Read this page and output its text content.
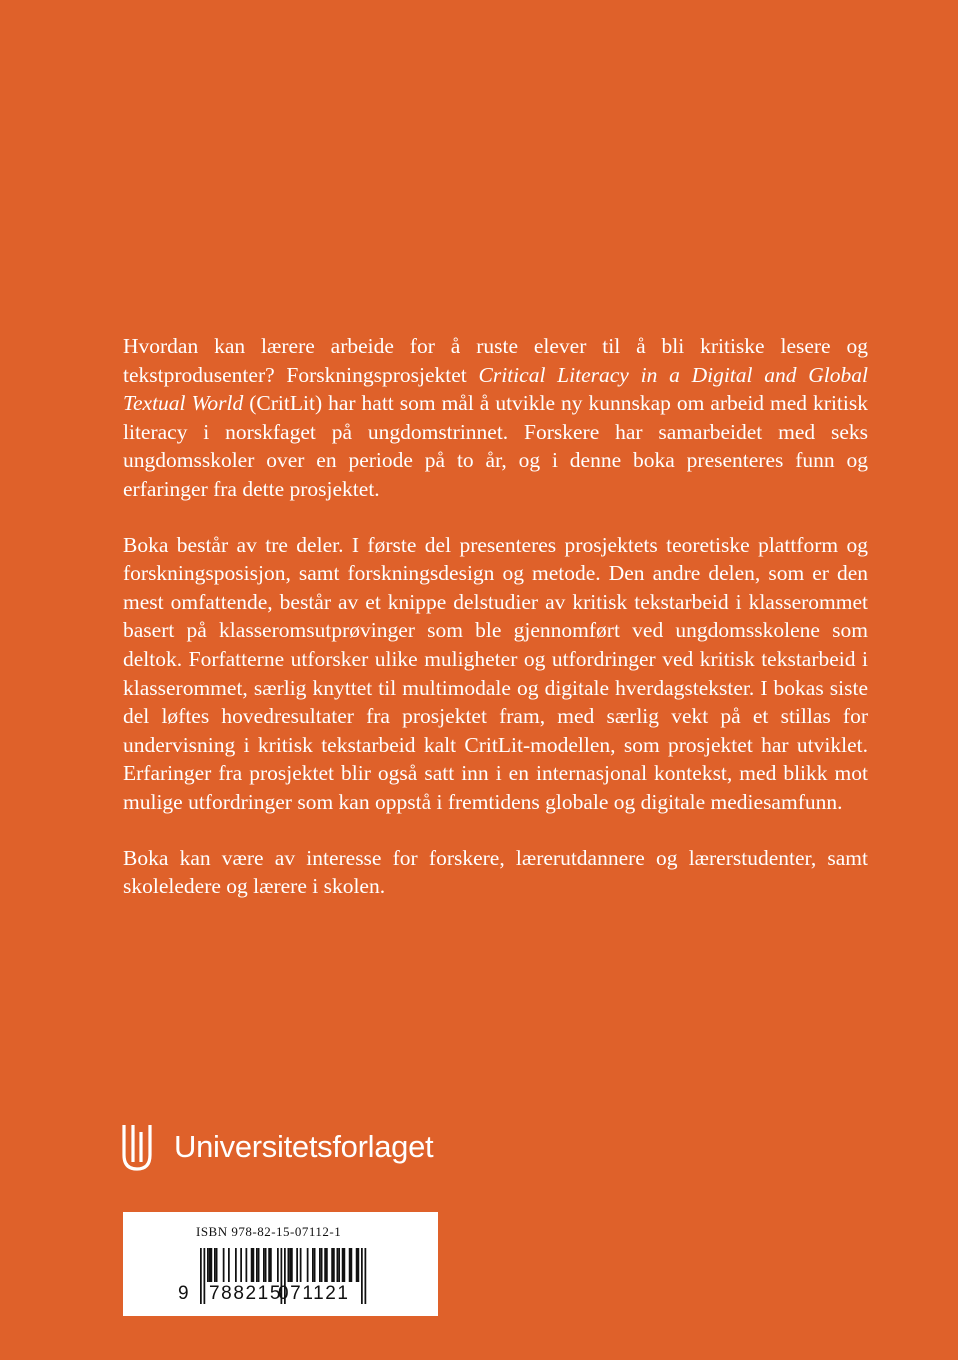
Hvordan kan lærere arbeide for å ruste elever til å bli kritiske lesere og tekstprodusenter? Forskningsprosjektet Critical Literacy in a Digital and Global Textual World (CritLit) har hatt som mål å utvikle ny kunnskap om arbeid med kritisk literacy i norskfaget på ungdomstrinnet. Forskere har samarbeidet med seks ungdomsskoler over en periode på to år, og i denne boka presenteres funn og erfaringer fra dette prosjektet.

Boka består av tre deler. I første del presenteres prosjektets teoretiske plattform og forskningsposisjon, samt forskningsdesign og metode. Den andre delen, som er den mest omfattende, består av et knippe delstudier av kritisk tekstarbeid i klasserommet basert på klasseromsutprøvinger som ble gjennomført ved ungdomsskolene som deltok. Forfatterne utforsker ulike muligheter og utfordringer ved kritisk tekstarbeid i klasserommet, særlig knyttet til multimodale og digitale hverdagstekster. I bokas siste del løftes hovedresultater fra prosjektet fram, med særlig vekt på et stillas for undervisning i kritisk tekstarbeid kalt CritLit-modellen, som prosjektet har utviklet. Erfaringer fra prosjektet blir også satt inn i en internasjonal kontekst, med blikk mot mulige utfordringer som kan oppstå i fremtidens globale og digitale mediesamfunn.

Boka kan være av interesse for forskere, lærerutdannere og lærerstudenter, samt skoleledere og lærere i skolen.

Universitetsforlaget
ISBN 978-82-15-07112-1
9 788215
071121
